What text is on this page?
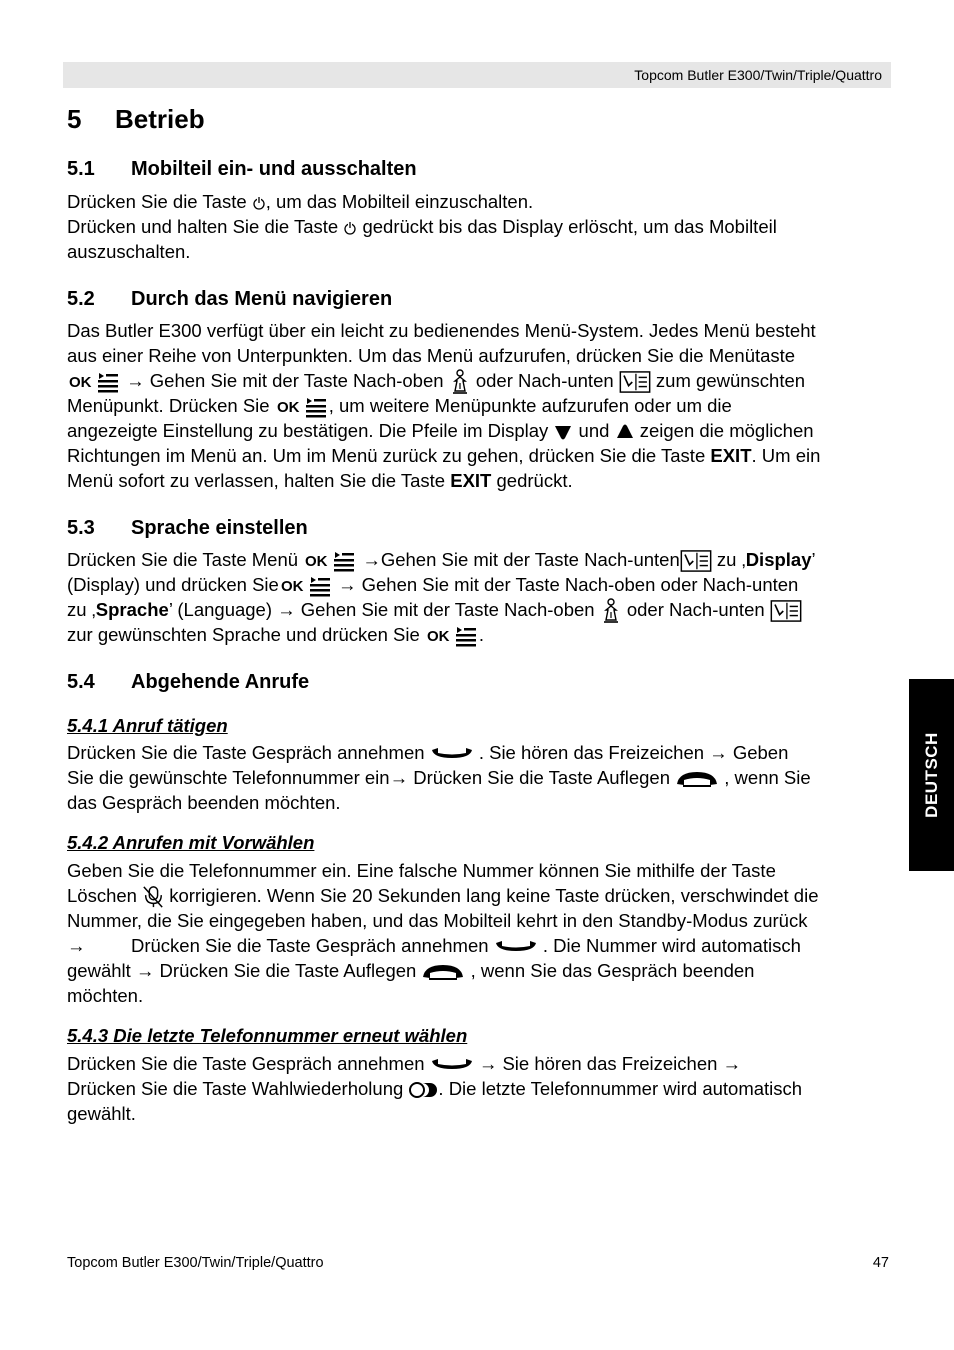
Topcom Butler E300/Twin/Triple/Quattro
5 Betrieb
5.1 Mobilteil ein- und ausschalten
Drücken Sie die Taste , um das Mobilteil einzuschalten.
Drücken und halten Sie die Taste  gedrückt bis das Display erlöscht, um das Mobilteil
auszuschalten.
5.2 Durch das Menü navigieren
Das Butler E300 verfügt über ein leicht zu bedienendes Menü-System. Jedes Menü besteht
aus einer Reihe von Unterpunkten. Um das Menü aufzurufen, drücken Sie die Menütaste
→ Gehen Sie mit der Taste Nach-oben  oder Nach-unten  zum gewünschten
Menüpunkt. Drücken Sie	, um weitere Menüpunkte aufzurufen oder um die
angezeigte Einstellung zu bestätigen. Die Pfeile im Display  und  zeigen die möglichen
Richtungen im Menü an. Um im Menü zurück zu gehen, drücken Sie die Taste EXIT. Um ein
Menü sofort zu verlassen, halten Sie die Taste EXIT gedrückt.
5.3 Sprache einstellen
Drücken Sie die Taste Menü	→Gehen Sie mit der Taste Nach-unten zu ‚Display’
(Display) und drücken Sie	→ Gehen Sie mit der Taste Nach-oben oder Nach-unten
zu ‚Sprache’ (Language) → Gehen Sie mit der Taste Nach-oben  oder Nach-unten
zur gewünschten Sprache und drücken Sie	.
5.4 Abgehende Anrufe
5.4.1 Anruf tätigen
Drücken Sie die Taste Gespräch annehmen  . Sie hören das Freizeichen → Geben
Sie die gewünschte Telefonnummer ein→ Drücken Sie die Taste Auflegen  , wenn Sie
das Gespräch beenden möchten.
5.4.2 Anrufen mit Vorwählen
Geben Sie die Telefonnummer ein. Eine falsche Nummer können Sie mithilfe der Taste
Löschen  korrigieren. Wenn Sie 20 Sekunden lang keine Taste drücken, verschwindet die
Nummer, die Sie eingegeben haben, und das Mobilteil kehrt in den Standby-Modus zurück
→ Drücken Sie die Taste Gespräch annehmen  . Die Nummer wird automatisch
gewählt → Drücken Sie die Taste Auflegen  , wenn Sie das Gespräch beenden
möchten.
5.4.3 Die letzte Telefonnummer erneut wählen
Drücken Sie die Taste Gespräch annehmen  → Sie hören das Freizeichen →
Drücken Sie die Taste Wahlwiederholung . Die letzte Telefonnummer wird automatisch
gewählt.
DEUTSCH
Topcom Butler E300/Twin/Triple/Quattro	47
